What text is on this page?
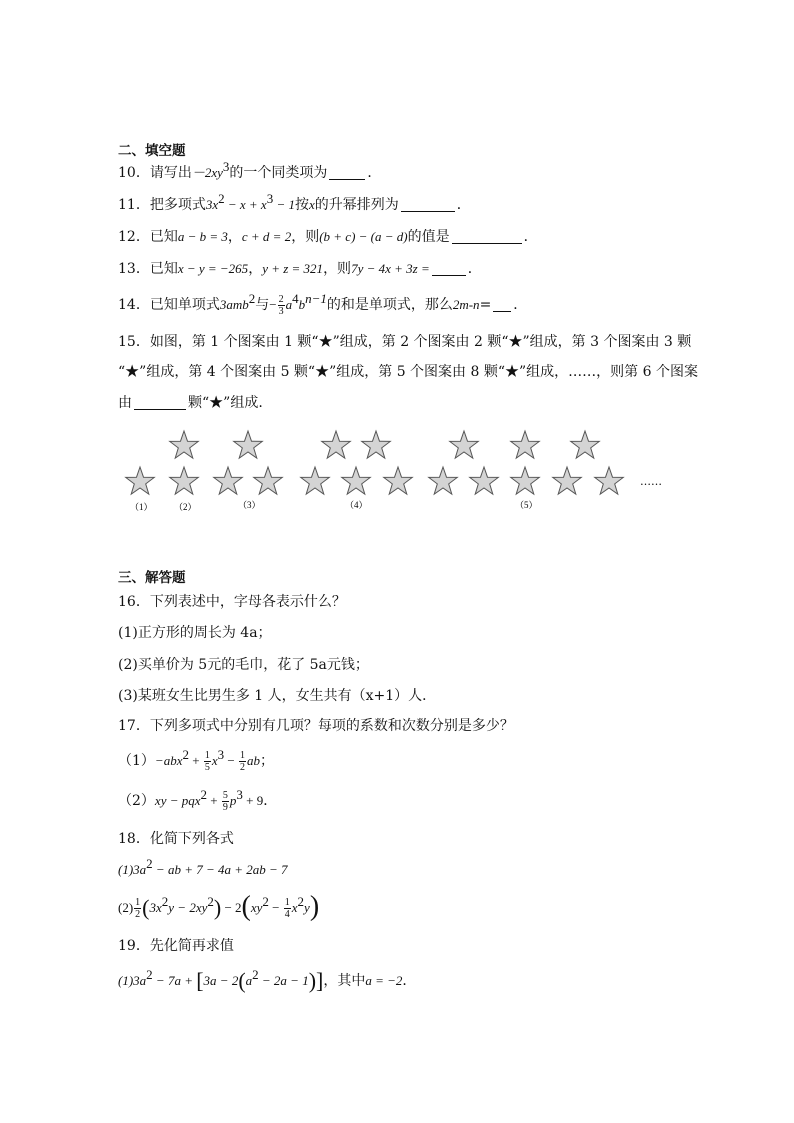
二、填空题
10．请写出$-2xy^3$的一个同类项为	．
11．把多项式$3x^2 - x + x^3 - 1$按x的升幂排列为	．
12．已知a − b = 3，c + d = 2，则(b + c) − (a − d)的值是	．
13．已知x − y = −265，y + z = 321，则7y − 4x + 3z =	．
14．已知单项式3amb$^2$与− $\frac{2}{3} a^4b^{n-1}$的和是单项式，那么2m-n= ．
15．如图，第 1 个图案由 1 颗“★”组成，第 2 个图案由 2 颗“★”组成，第 3 个图案由 3 颗
“★”组成，第 4 个图案由 5 颗“★”组成，第 5 个图案由 8 颗“★”组成，……，则第 6 个图案
由	颗“★”组成.
……
（1） （2）	（3）	（4）	（5）
三、解答题
16．下列表述中，字母各表示什么？
(1)正方形的周长为 4a；
(2)买单价为 5元的毛巾，花了 5a元钱；
(3)某班女生比男生多 1 人，女生共有（x+1）人．
17．下列多项式中分别有几项？每项的系数和次数分别是多少？
$(1)-abx^2 + \frac{1}{5} x^3 - \frac{1}{2}$ ab；
$(2)xy - pqx^2 + \frac{5}{9} p^3 + 9$．
18．化简下列各式
$(1)3a^2$ − ab + 7 − 4a + 2ab − 7
$(2) \frac{1}{2} (3x^2y - 2xy^2) - 2(xy^2 - \frac{1}{4} x^2y)$
19．先化简再求值
$(1)3a^2 - 7a + [3a - 2(a^2 - 2a - 1)]$，其中a = −2．
